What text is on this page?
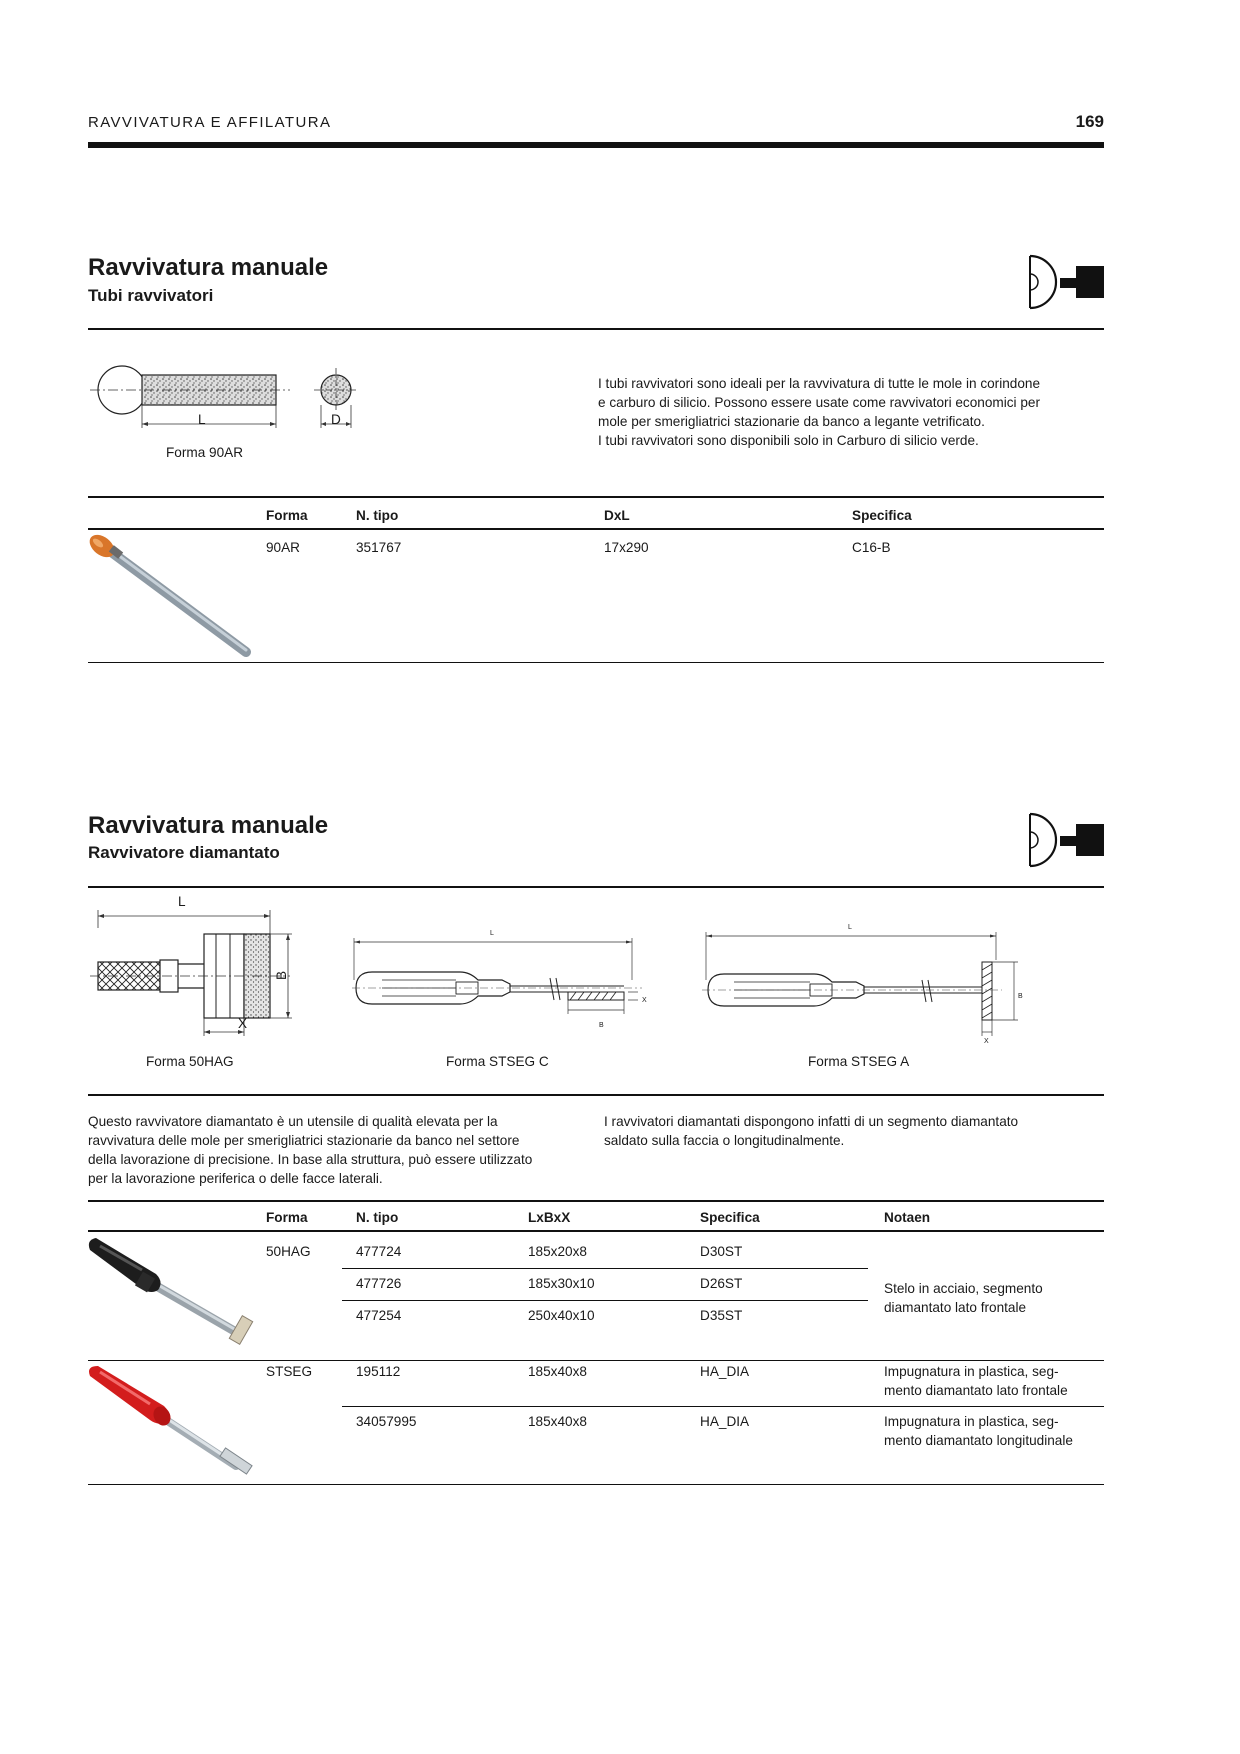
RAVVIVATURA E AFFILATURA	169
Ravvivatura manuale
Tubi ravvivatori
L	D
Forma 90AR
I tubi ravvivatori sono ideali per la ravvivatura di tutte le mole in corindone
e carburo di silicio. Possono essere usate come ravvivatori economici per
mole per smerigliatrici stazionarie da banco a legante vetrificato.
I tubi ravvivatori sono disponibili solo in Carburo di silicio verde.
Forma	N. tipo	DxL	Specifica
90AR	351767	17x290	C16-B
Ravvivatura manuale
Ravvivatore diamantato
L
B
X
Forma 50HAG
L
B
X
Forma STSEG C
L
B
X
Forma STSEG A
Questo ravvivatore diamantato è un utensile di qualità elevata per la
ravvivatura delle mole per smerigliatrici stazionarie da banco nel settore
della lavorazione di precisione. In base alla struttura, può essere utilizzato
per la lavorazione periferica o delle facce laterali.
I ravvivatori diamantati dispongono infatti di un segmento diamantato
saldato sulla faccia o longitudinalmente.
Forma	N. tipo	LxBxX	Specifica	Notaen
50HAG	477724	185x20x8	D30ST
477726	185x30x10	D26ST
477254	250x40x10	D35ST
Stelo in acciaio, segmento
diamantato lato frontale
STSEG	195112	185x40x8	HA_DIA	Impugnatura in plastica, seg-
mento diamantato lato frontale
34057995	185x40x8	HA_DIA	Impugnatura in plastica, seg-
mento diamantato longitudinale
